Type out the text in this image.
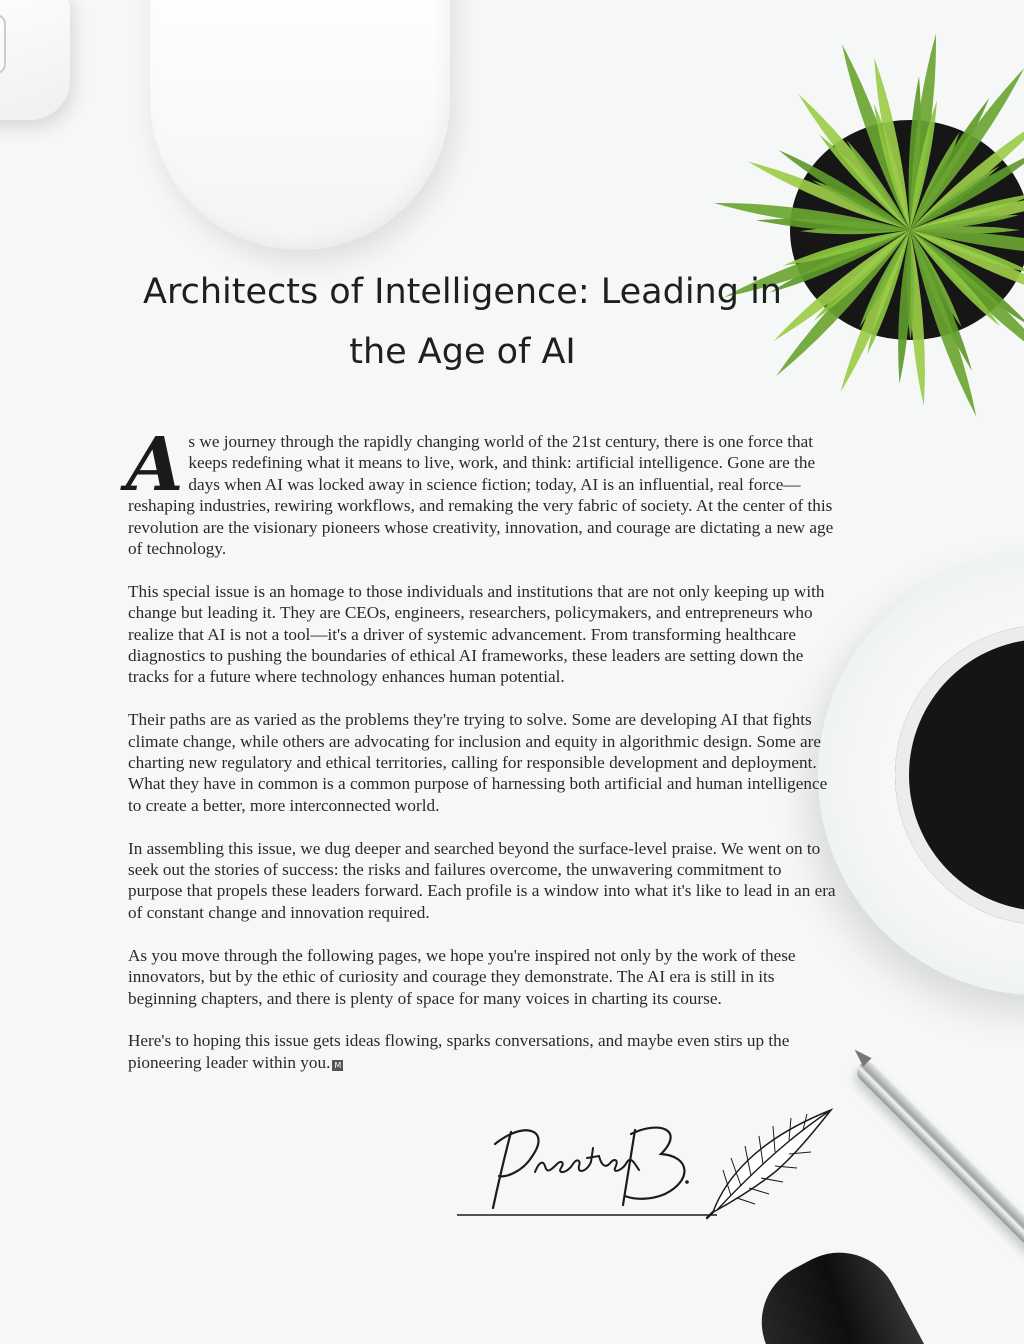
Architects of Intelligence: Leading in the Age of AI

As we journey through the rapidly changing world of the 21st century, there is one force that keeps redefining what it means to live, work, and think: artificial intelligence. Gone are the days when AI was locked away in science fiction; today, AI is an influential, real force—reshaping industries, rewiring workflows, and remaking the very fabric of society. At the center of this revolution are the visionary pioneers whose creativity, innovation, and courage are dictating a new age of technology.

This special issue is an homage to those individuals and institutions that are not only keeping up with change but leading it. They are CEOs, engineers, researchers, policymakers, and entrepreneurs who realize that AI is not a tool—it's a driver of systemic advancement. From transforming healthcare diagnostics to pushing the boundaries of ethical AI frameworks, these leaders are setting down the tracks for a future where technology enhances human potential.

Their paths are as varied as the problems they're trying to solve. Some are developing AI that fights climate change, while others are advocating for inclusion and equity in algorithmic design. Some are charting new regulatory and ethical territories, calling for responsible development and deployment. What they have in common is a common purpose of harnessing both artificial and human intelligence to create a better, more interconnected world.

In assembling this issue, we dug deeper and searched beyond the surface-level praise. We went on to seek out the stories of success: the risks and failures overcome, the unwavering commitment to purpose that propels these leaders forward. Each profile is a window into what it's like to lead in an era of constant change and innovation required.

As you move through the following pages, we hope you're inspired not only by the work of these innovators, but by the ethic of curiosity and courage they demonstrate. The AI era is still in its beginning chapters, and there is plenty of space for many voices in charting its course.

Here's to hoping this issue gets ideas flowing, sparks conversations, and maybe even stirs up the pioneering leader within you. M
